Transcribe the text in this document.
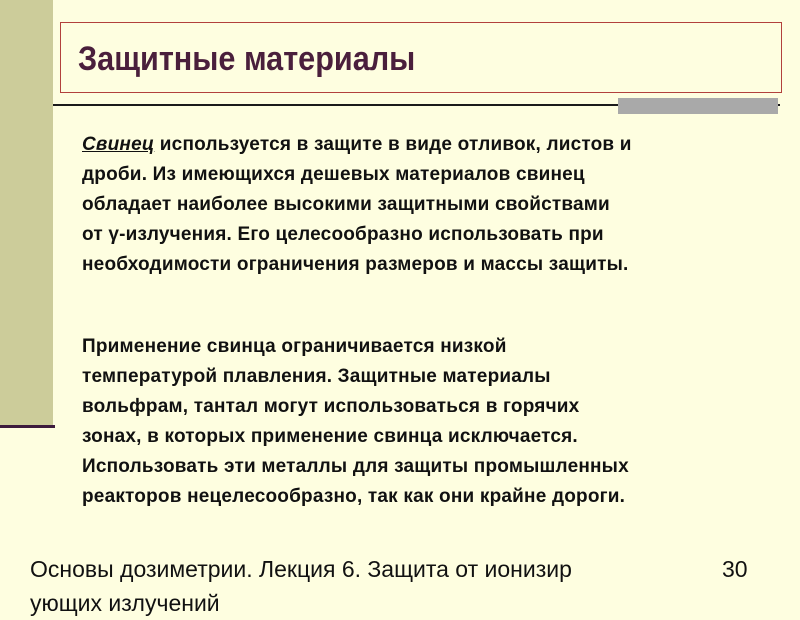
Защитные материалы

Свинец используется в защите в виде отливок, листов и
дроби. Из имеющихся дешевых материалов свинец
обладает наиболее высокими защитными свойствами
от γ-излучения. Его целесообразно использовать при
необходимости ограничения размеров и массы защиты.

Применение свинца ограничивается низкой
температурой плавления. Защитные материалы
вольфрам, тантал могут использоваться в горячих
зонах, в которых применение свинца исключается.
Использовать эти металлы для защиты промышленных
реакторов нецелесообразно, так как они крайне дороги.

Основы дозиметрии. Лекция 6. Защита от ионизир
ующих излучений

30
